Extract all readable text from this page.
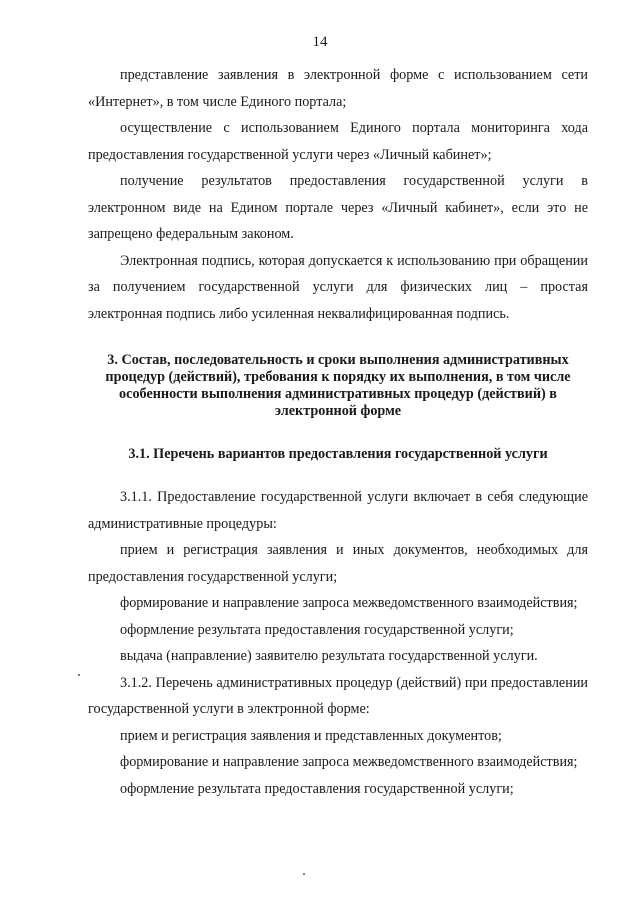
14

представление заявления в электронной форме с использованием сети «Интернет», в том числе Единого портала;

осуществление с использованием Единого портала мониторинга хода предоставления государственной услуги через «Личный кабинет»;

получение результатов предоставления государственной услуги в электронном виде на Едином портале через «Личный кабинет», если это не запрещено федеральным законом.

Электронная подпись, которая допускается к использованию при обращении за получением государственной услуги для физических лиц – простая электронная подпись либо усиленная неквалифицированная подпись.

3. Состав, последовательность и сроки выполнения административных процедур (действий), требования к порядку их выполнения, в том числе особенности выполнения административных процедур (действий) в электронной форме
3.1. Перечень вариантов предоставления государственной услуги

3.1.1. Предоставление государственной услуги включает в себя следующие административные процедуры:

прием и регистрация заявления и иных документов, необходимых для предоставления государственной услуги;

формирование и направление запроса межведомственного взаимодействия;

оформление результата предоставления государственной услуги;

выдача (направление) заявителю результата государственной услуги.

3.1.2. Перечень административных процедур (действий) при предоставлении государственной услуги в электронной форме:

прием и регистрация заявления и представленных документов;

формирование и направление запроса межведомственного взаимодействия;

оформление результата предоставления государственной услуги;
